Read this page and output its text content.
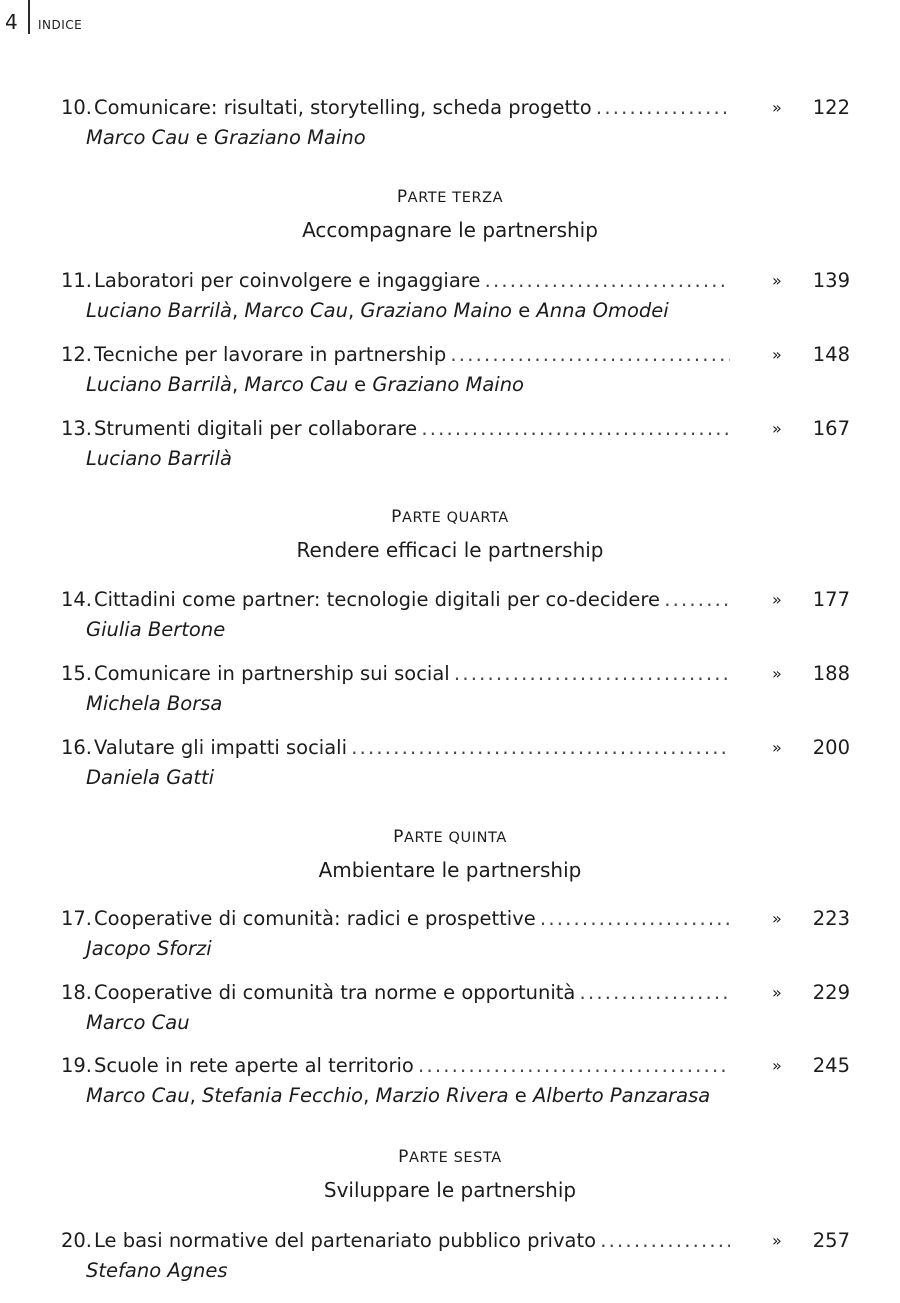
4 INDICE
10. Comunicare: risultati, storytelling, scheda progetto . . .	» 122
Marco Cau e Graziano Maino
11. Laboratori per coinvolgere e ingaggiare . . .	» 139
Luciano Barrilà, Marco Cau, Graziano Maino e Anna Omodei
12. Tecniche per lavorare in partnership . . .	» 148
Luciano Barrilà, Marco Cau e Graziano Maino
13. Strumenti digitali per collaborare . . .	» 167
Luciano Barrilà
14. Cittadini come partner: tecnologie digitali per co-decidere . . .	» 177
Giulia Bertone
15. Comunicare in partnership sui social . . .	» 188
Michela Borsa
16. Valutare gli impatti sociali . . .	» 200
Daniela Gatti
17. Cooperative di comunità: radici e prospettive . . .	» 223
Jacopo Sforzi
18. Cooperative di comunità tra norme e opportunità . . .	» 229
Marco Cau
19. Scuole in rete aperte al territorio . . .	» 245
Marco Cau, Stefania Fecchio, Marzio Rivera e Alberto Panzarasa
20. Le basi normative del partenariato pubblico privato . . .	» 257
Stefano Agnes
PARTE TERZA
Accompagnare le partnership
PARTE QUARTA
Rendere efficaci le partnership
PARTE QUINTA
Ambientare le partnership
PARTE SESTA
Sviluppare le partnership
